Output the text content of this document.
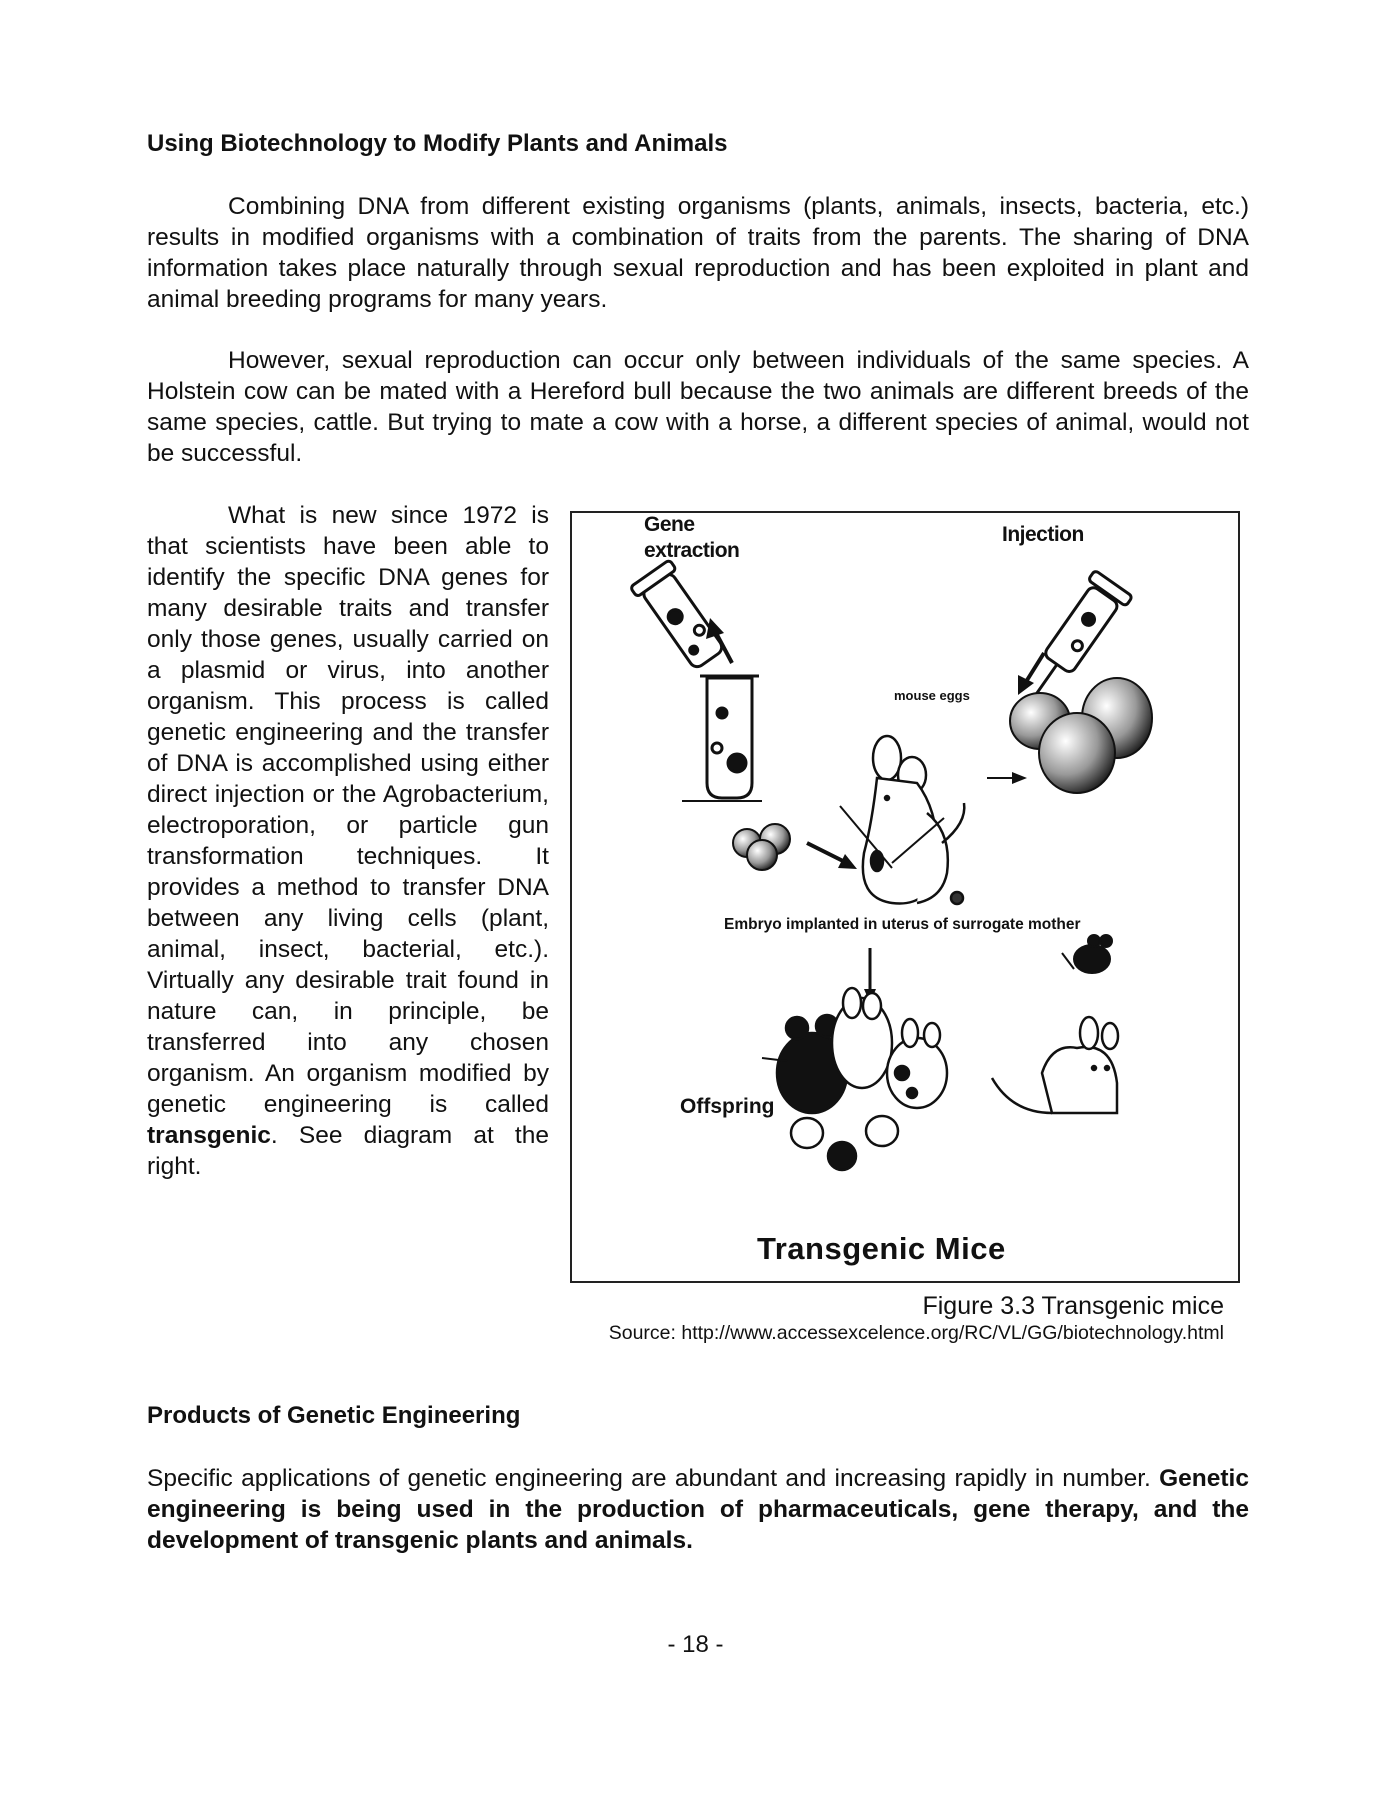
Using Biotechnology to Modify Plants and Animals
Combining DNA from different existing organisms (plants, animals, insects, bacteria, etc.) results in modified organisms with a combination of traits from the parents. The sharing of DNA information takes place naturally through sexual reproduction and has been exploited in plant and animal breeding programs for many years.
However, sexual reproduction can occur only between individuals of the same species. A Holstein cow can be mated with a Hereford bull because the two animals are different breeds of the same species, cattle. But trying to mate a cow with a horse, a different species of animal, would not be successful.
What is new since 1972 is that scientists have been able to identify the specific DNA genes for many desirable traits and transfer only those genes, usually carried on a plasmid or virus, into another organism. This process is called genetic engineering and the transfer of DNA is accomplished using either direct injection or the Agrobacterium, electroporation, or particle gun transformation techniques. It provides a method to transfer DNA between any living cells (plant, animal, insect, bacterial, etc.). Virtually any desirable trait found in nature can, in principle, be transferred into any chosen organism. An organism modified by genetic engineering is called transgenic. See diagram at the right.
Gene
extraction
Injection
mouse eggs
Embryo implanted in uterus of surrogate mother
Offspring
Transgenic Mice
Figure 3.3 Transgenic mice
Source: http://www.accessexcelence.org/RC/VL/GG/biotechnology.html
Products of Genetic Engineering
Specific applications of genetic engineering are abundant and increasing rapidly in number. Genetic engineering is being used in the production of pharmaceuticals, gene therapy, and the development of transgenic plants and animals.
- 18 -
